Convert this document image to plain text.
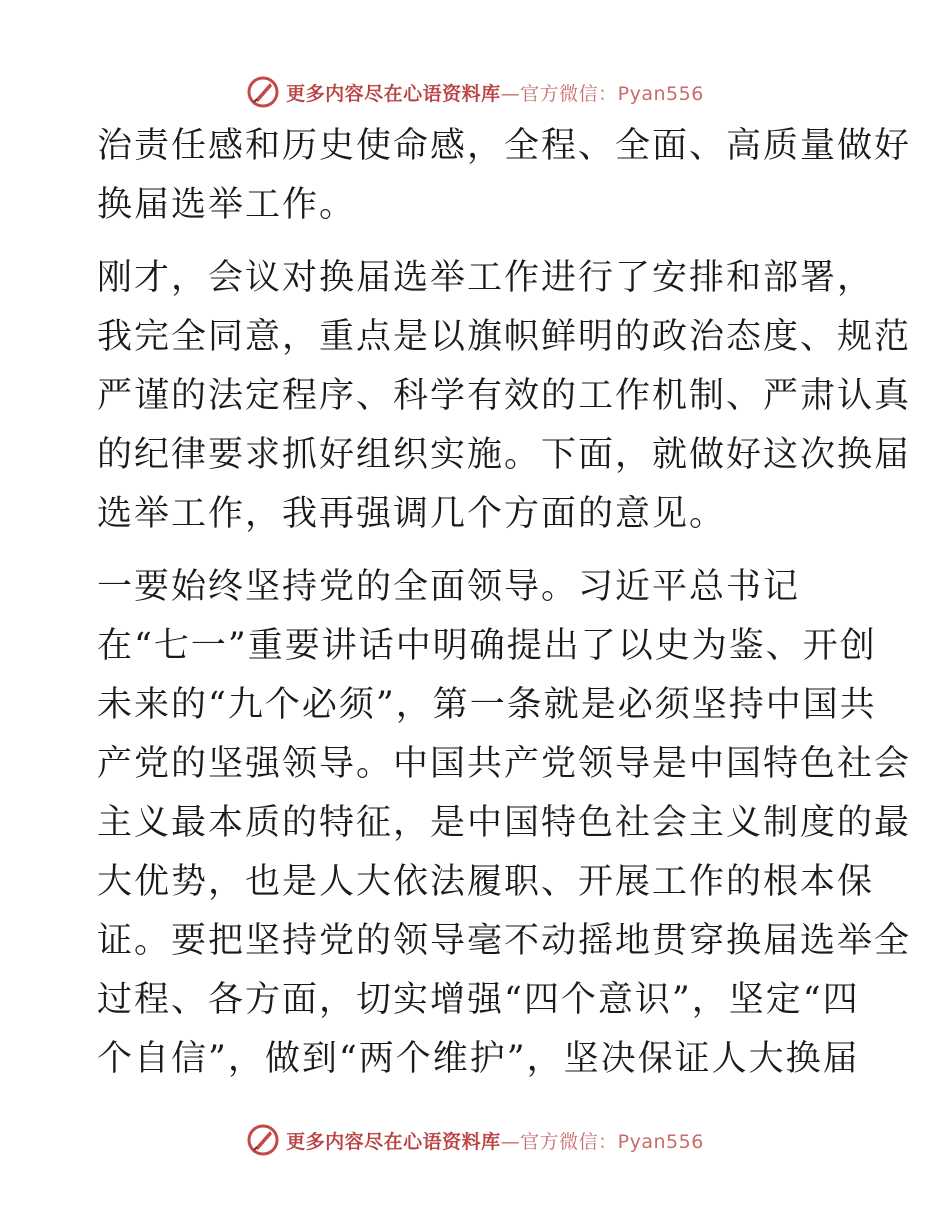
更多内容尽在心语资料库—官方微信：Pyan556
治责任感和历史使命感，全程、全面、高质量做好
换届选举工作。
刚才，会议对换届选举工作进行了安排和部署，
我完全同意，重点是以旗帜鲜明的政治态度、规范
严谨的法定程序、科学有效的工作机制、严肃认真
的纪律要求抓好组织实施。下面，就做好这次换届
选举工作，我再强调几个方面的意见。
一要始终坚持党的全面领导。习近平总书记
在“七一”重要讲话中明确提出了以史为鉴、开创
未来的“九个必须”，第一条就是必须坚持中国共
产党的坚强领导。中国共产党领导是中国特色社会
主义最本质的特征，是中国特色社会主义制度的最
大优势，也是人大依法履职、开展工作的根本保
证。要把坚持党的领导毫不动摇地贯穿换届选举全
过程、各方面，切实增强“四个意识”，坚定“四
个自信”，做到“两个维护”，坚决保证人大换届
更多内容尽在心语资料库—官方微信：Pyan556
